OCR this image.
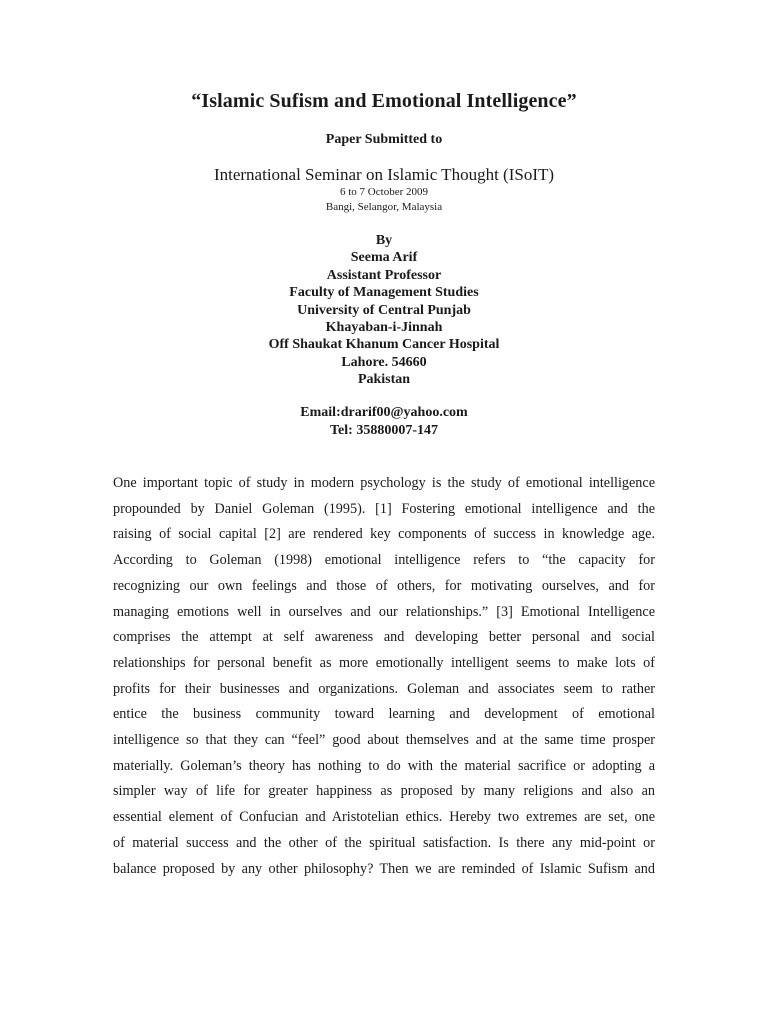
“Islamic Sufism and Emotional Intelligence”
Paper Submitted to
International Seminar on Islamic Thought (ISoIT)
6 to 7 October 2009
Bangi, Selangor, Malaysia
By
Seema Arif
Assistant Professor
Faculty of Management Studies
University of Central Punjab
Khayaban-i-Jinnah
Off Shaukat Khanum Cancer Hospital
Lahore. 54660
Pakistan
Email:drarif00@yahoo.com
Tel: 35880007-147
One important topic of study in modern psychology is the study of emotional intelligence
propounded by Daniel Goleman (1995). [1] Fostering emotional intelligence and the
raising of social capital [2] are rendered key components of success in knowledge age.
According to Goleman (1998) emotional intelligence refers to “the capacity for
recognizing our own feelings and those of others, for motivating ourselves, and for
managing emotions well in ourselves and our relationships.” [3] Emotional Intelligence
comprises the attempt at self awareness and developing better personal and social
relationships for personal benefit as more emotionally intelligent seems to make lots of
profits for their businesses and organizations. Goleman and associates seem to rather
entice the business community toward learning and development of emotional
intelligence so that they can “feel” good about themselves and at the same time prosper
materially. Goleman’s theory has nothing to do with the material sacrifice or adopting a
simpler way of life for greater happiness as proposed by many religions and also an
essential element of Confucian and Aristotelian ethics. Hereby two extremes are set, one
of material success and the other of the spiritual satisfaction. Is there any mid-point or
balance proposed by any other philosophy? Then we are reminded of Islamic Sufism and
